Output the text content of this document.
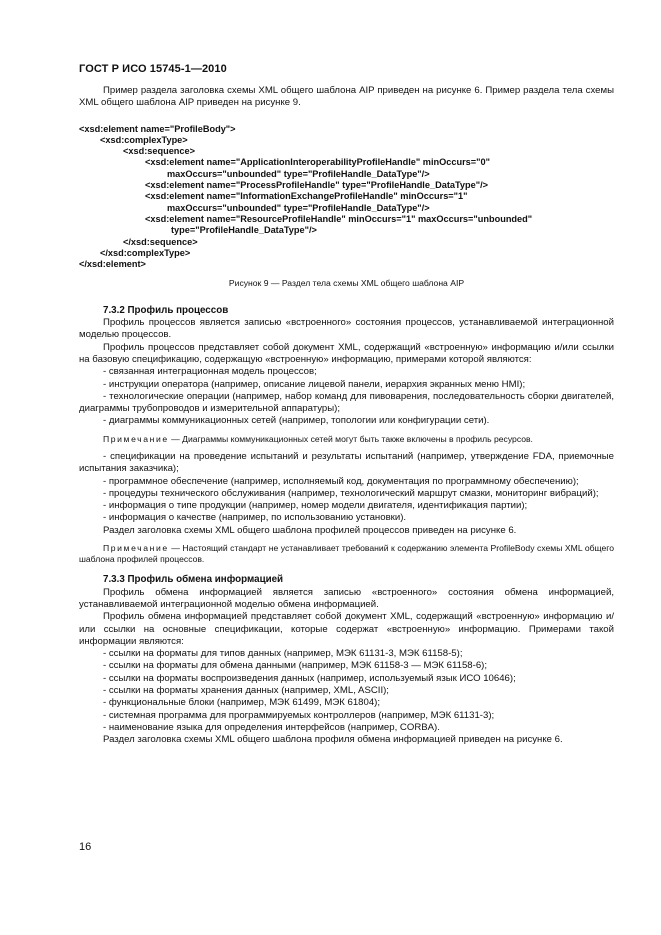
ГОСТ Р ИСО 15745-1—2010

Пример раздела заголовка схемы XML общего шаблона AIP приведен на рисунке 6. Пример раздела тела схемы XML общего шаблона AIP приведен на рисунке 9.

<xsd:element name="ProfileBody">
<xsd:complexType>
<xsd:sequence>
<xsd:element name="ApplicationInteroperabilityProfileHandle" minOccurs="0"
maxOccurs="unbounded" type="ProfileHandle_DataType"/>
<xsd:element name="ProcessProfileHandle" type="ProfileHandle_DataType"/>
<xsd:element name="InformationExchangeProfileHandle" minOccurs="1"
maxOccurs="unbounded" type="ProfileHandle_DataType"/>
<xsd:element name="ResourceProfileHandle" minOccurs="1" maxOccurs="unbounded"
type="ProfileHandle_DataType"/>
</xsd:sequence>
</xsd:complexType>
</xsd:element>

Рисунок 9 — Раздел тела схемы XML общего шаблона AIP

7.3.2 Профиль процессов

Профиль процессов является записью «встроенного» состояния процессов, устанавливаемой интеграционной моделью процессов.

Профиль процессов представляет собой документ XML, содержащий «встроенную» информацию и/или ссылки на базовую спецификацию, содержащую «встроенную» информацию, примерами которой являются:

- связанная интеграционная модель процессов;
- инструкции оператора (например, описание лицевой панели, иерархия экранных меню HMI);
- технологические операции (например, набор команд для пивоварения, последовательность сборки двигателей, диаграммы трубопроводов и измерительной аппаратуры);
- диаграммы коммуникационных сетей (например, топологии или конфигурации сети).

Примечание — Диаграммы коммуникационных сетей могут быть также включены в профиль ресурсов.

- спецификации на проведение испытаний и результаты испытаний (например, утверждение FDA, приемочные испытания заказчика);
- программное обеспечение (например, исполняемый код, документация по программному обеспечению);
- процедуры технического обслуживания (например, технологический маршрут смазки, мониторинг вибраций);
- информация о типе продукции (например, номер модели двигателя, идентификация партии);
- информация о качестве (например, по использованию установки).

Раздел заголовка схемы XML общего шаблона профилей процессов приведен на рисунке 6.

Примечание — Настоящий стандарт не устанавливает требований к содержанию элемента ProfileBody схемы XML общего шаблона профилей процессов.

7.3.3 Профиль обмена информацией

Профиль обмена информацией является записью «встроенного» состояния обмена информацией, устанавливаемой интеграционной моделью обмена информацией.

Профиль обмена информацией представляет собой документ XML, содержащий «встроенную» информацию и/или ссылки на основные спецификации, которые содержат «встроенную» информацию. Примерами такой информации являются:

- ссылки на форматы для типов данных (например, МЭК 61131-3, МЭК 61158-5);
- ссылки на форматы для обмена данными (например, МЭК 61158-3 — МЭК 61158-6);
- ссылки на форматы воспроизведения данных (например, используемый язык ИСО 10646);
- ссылки на форматы хранения данных (например, XML, ASCII);
- функциональные блоки (например, МЭК 61499, МЭК 61804);
- системная программа для программируемых контроллеров (например, МЭК 61131-3);
- наименование языка для определения интерфейсов (например, CORBA).

Раздел заголовка схемы XML общего шаблона профиля обмена информацией приведен на рисунке 6.

16
